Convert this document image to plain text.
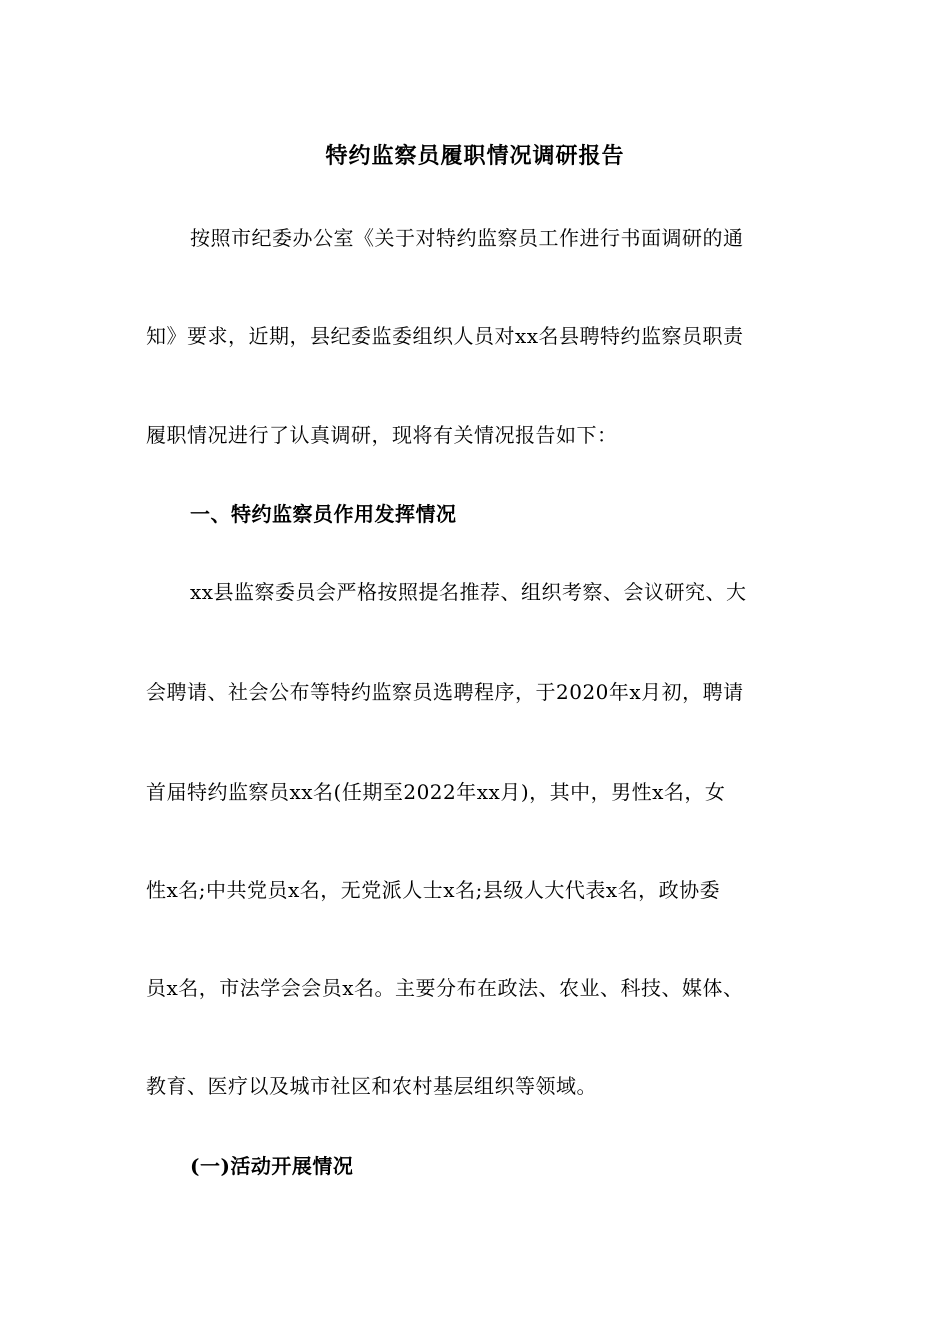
特约监察员履职情况调研报告

按照市纪委办公室《关于对特约监察员工作进行书面调研的通

知》要求，近期，县纪委监委组织人员对xx名县聘特约监察员职责

履职情况进行了认真调研，现将有关情况报告如下：

一、特约监察员作用发挥情况

xx县监察委员会严格按照提名推荐、组织考察、会议研究、大

会聘请、社会公布等特约监察员选聘程序，于2020年x月初，聘请

首届特约监察员xx名(任期至2022年xx月)，其中，男性x名，女

性x名;中共党员x名，无党派人士x名;县级人大代表x名，政协委

员x名，市法学会会员x名。主要分布在政法、农业、科技、媒体、

教育、医疗以及城市社区和农村基层组织等领域。

(一)活动开展情况
